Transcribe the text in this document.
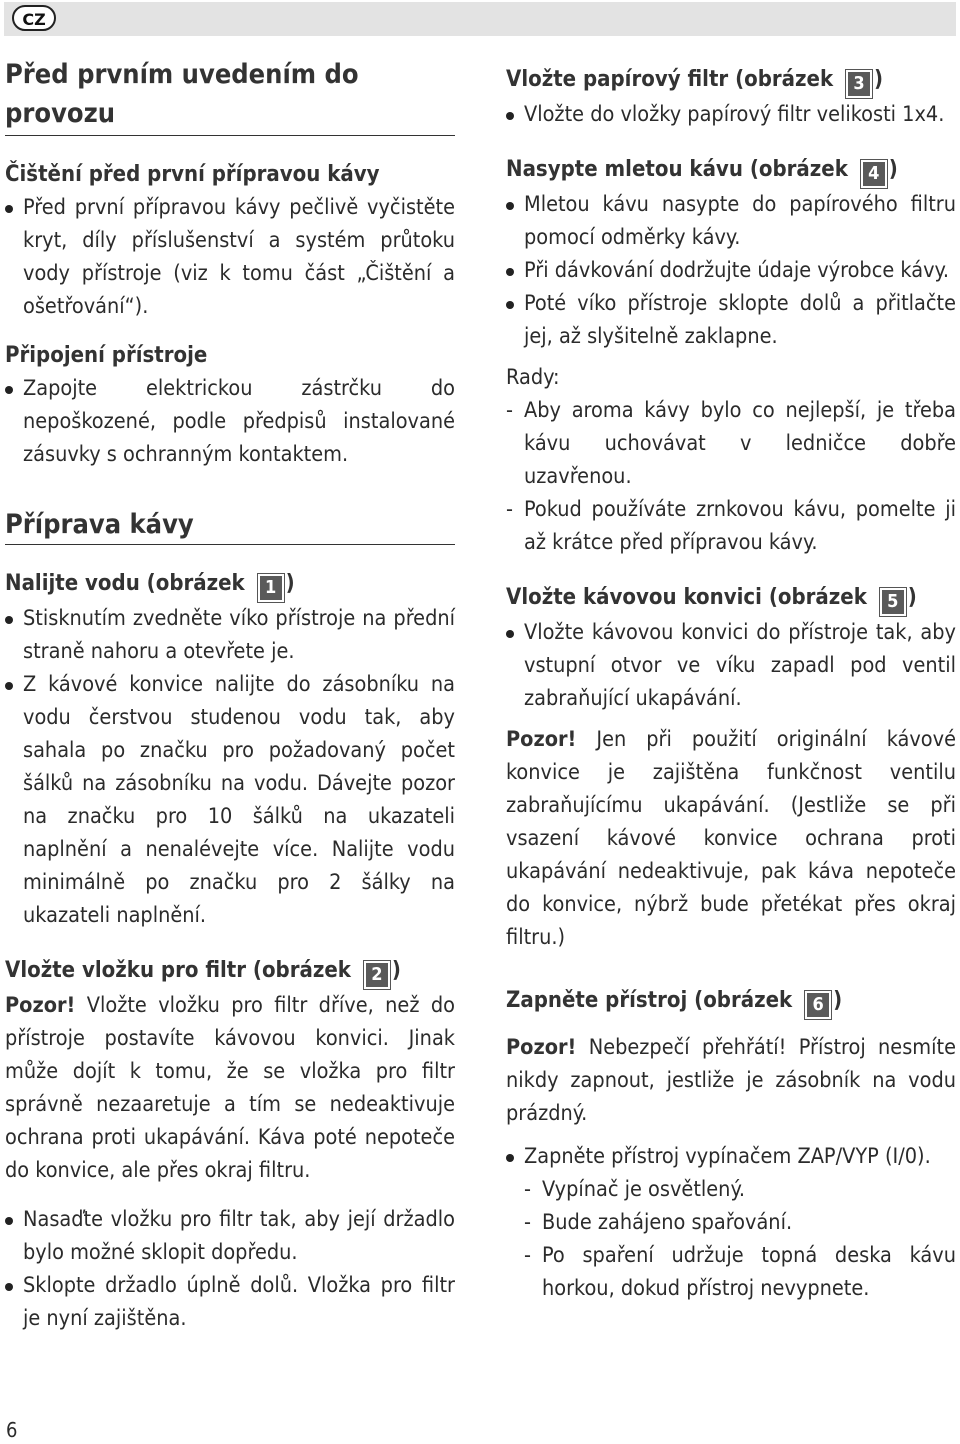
CZ
Před prvním uvedením do provozu
Čištění před první přípravou kávy
Před první přípravou kávy pečlivě vyčistěte kryt, díly příslušenství a systém průtoku vody přístroje (viz k tomu část „Čištění a ošetřování“).
Připojení přístroje
Zapojte elektrickou zástrčku do nepoškozené, podle předpisů instalované zásuvky s ochranným kontaktem.
Příprava kávy
Nalijte vodu (obrázek 1 )
Stisknutím zvedněte víko přístroje na přední straně nahoru a otevřete je.
Z kávové konvice nalijte do zásobníku na vodu čerstvou studenou vodu tak, aby sahala po značku pro požadovaný počet šálků na zásobníku na vodu. Dávejte pozor na značku pro 10 šálků na ukazateli naplnění a nenalévejte více. Nalijte vodu minimálně po značku pro 2 šálky na ukazateli naplnění.
Vložte vložku pro filtr (obrázek 2 )

Pozor! Vložte vložku pro filtr dříve, než do přístroje postavíte kávovou konvici. Jinak může dojít k tomu, že se vložka pro filtr správně nezaaretuje a tím se nedeaktivuje ochrana proti ukapávání. Káva poté nepoteče do konvice, ale přes okraj filtru.

Nasaďte vložku pro filtr tak, aby její držadlo bylo možné sklopit dopředu.
Sklopte držadlo úplně dolů. Vložka pro filtr je nyní zajištěna.
Vložte papírový filtr (obrázek 3 )
Vložte do vložky papírový filtr velikosti 1x4.
Nasypte mletou kávu (obrázek 4 )
Mletou kávu nasypte do papírového filtru pomocí odměrky kávy.
Při dávkování dodržujte údaje výrobce kávy.
Poté víko přístroje sklopte dolů a přitlačte jej, až slyšitelně zaklapne.

Rady:

- Aby aroma kávy bylo co nejlepší, je třeba kávu uchovávat v ledničce dobře uzavřenou.
- Pokud používáte zrnkovou kávu, pomelte ji až krátce před přípravou kávy.
Vložte kávovou konvici (obrázek 5 )
Vložte kávovou konvici do přístroje tak, aby vstupní otvor ve víku zapadl pod ventil zabraňující ukapávání.

Pozor! Jen při použití originální kávové konvice je zajištěna funkčnost ventilu zabraňujícímu ukapávání. (Jestliže se při vsazení kávové konvice ochrana proti ukapávání nedeaktivuje, pak káva nepoteče do konvice, nýbrž bude přetékat přes okraj filtru.)

Zapněte přístroj (obrázek 6 )

Pozor! Nebezpečí přehřátí! Přístroj nesmíte nikdy zapnout, jestliže je zásobník na vodu prázdný.

Zapněte přístroj vypínačem ZAP/VYP (I/0).
- Vypínač je osvětlený.
- Bude zahájeno spařování.
- Po spaření udržuje topná deska kávu horkou, dokud přístroj nevypnete.
6
